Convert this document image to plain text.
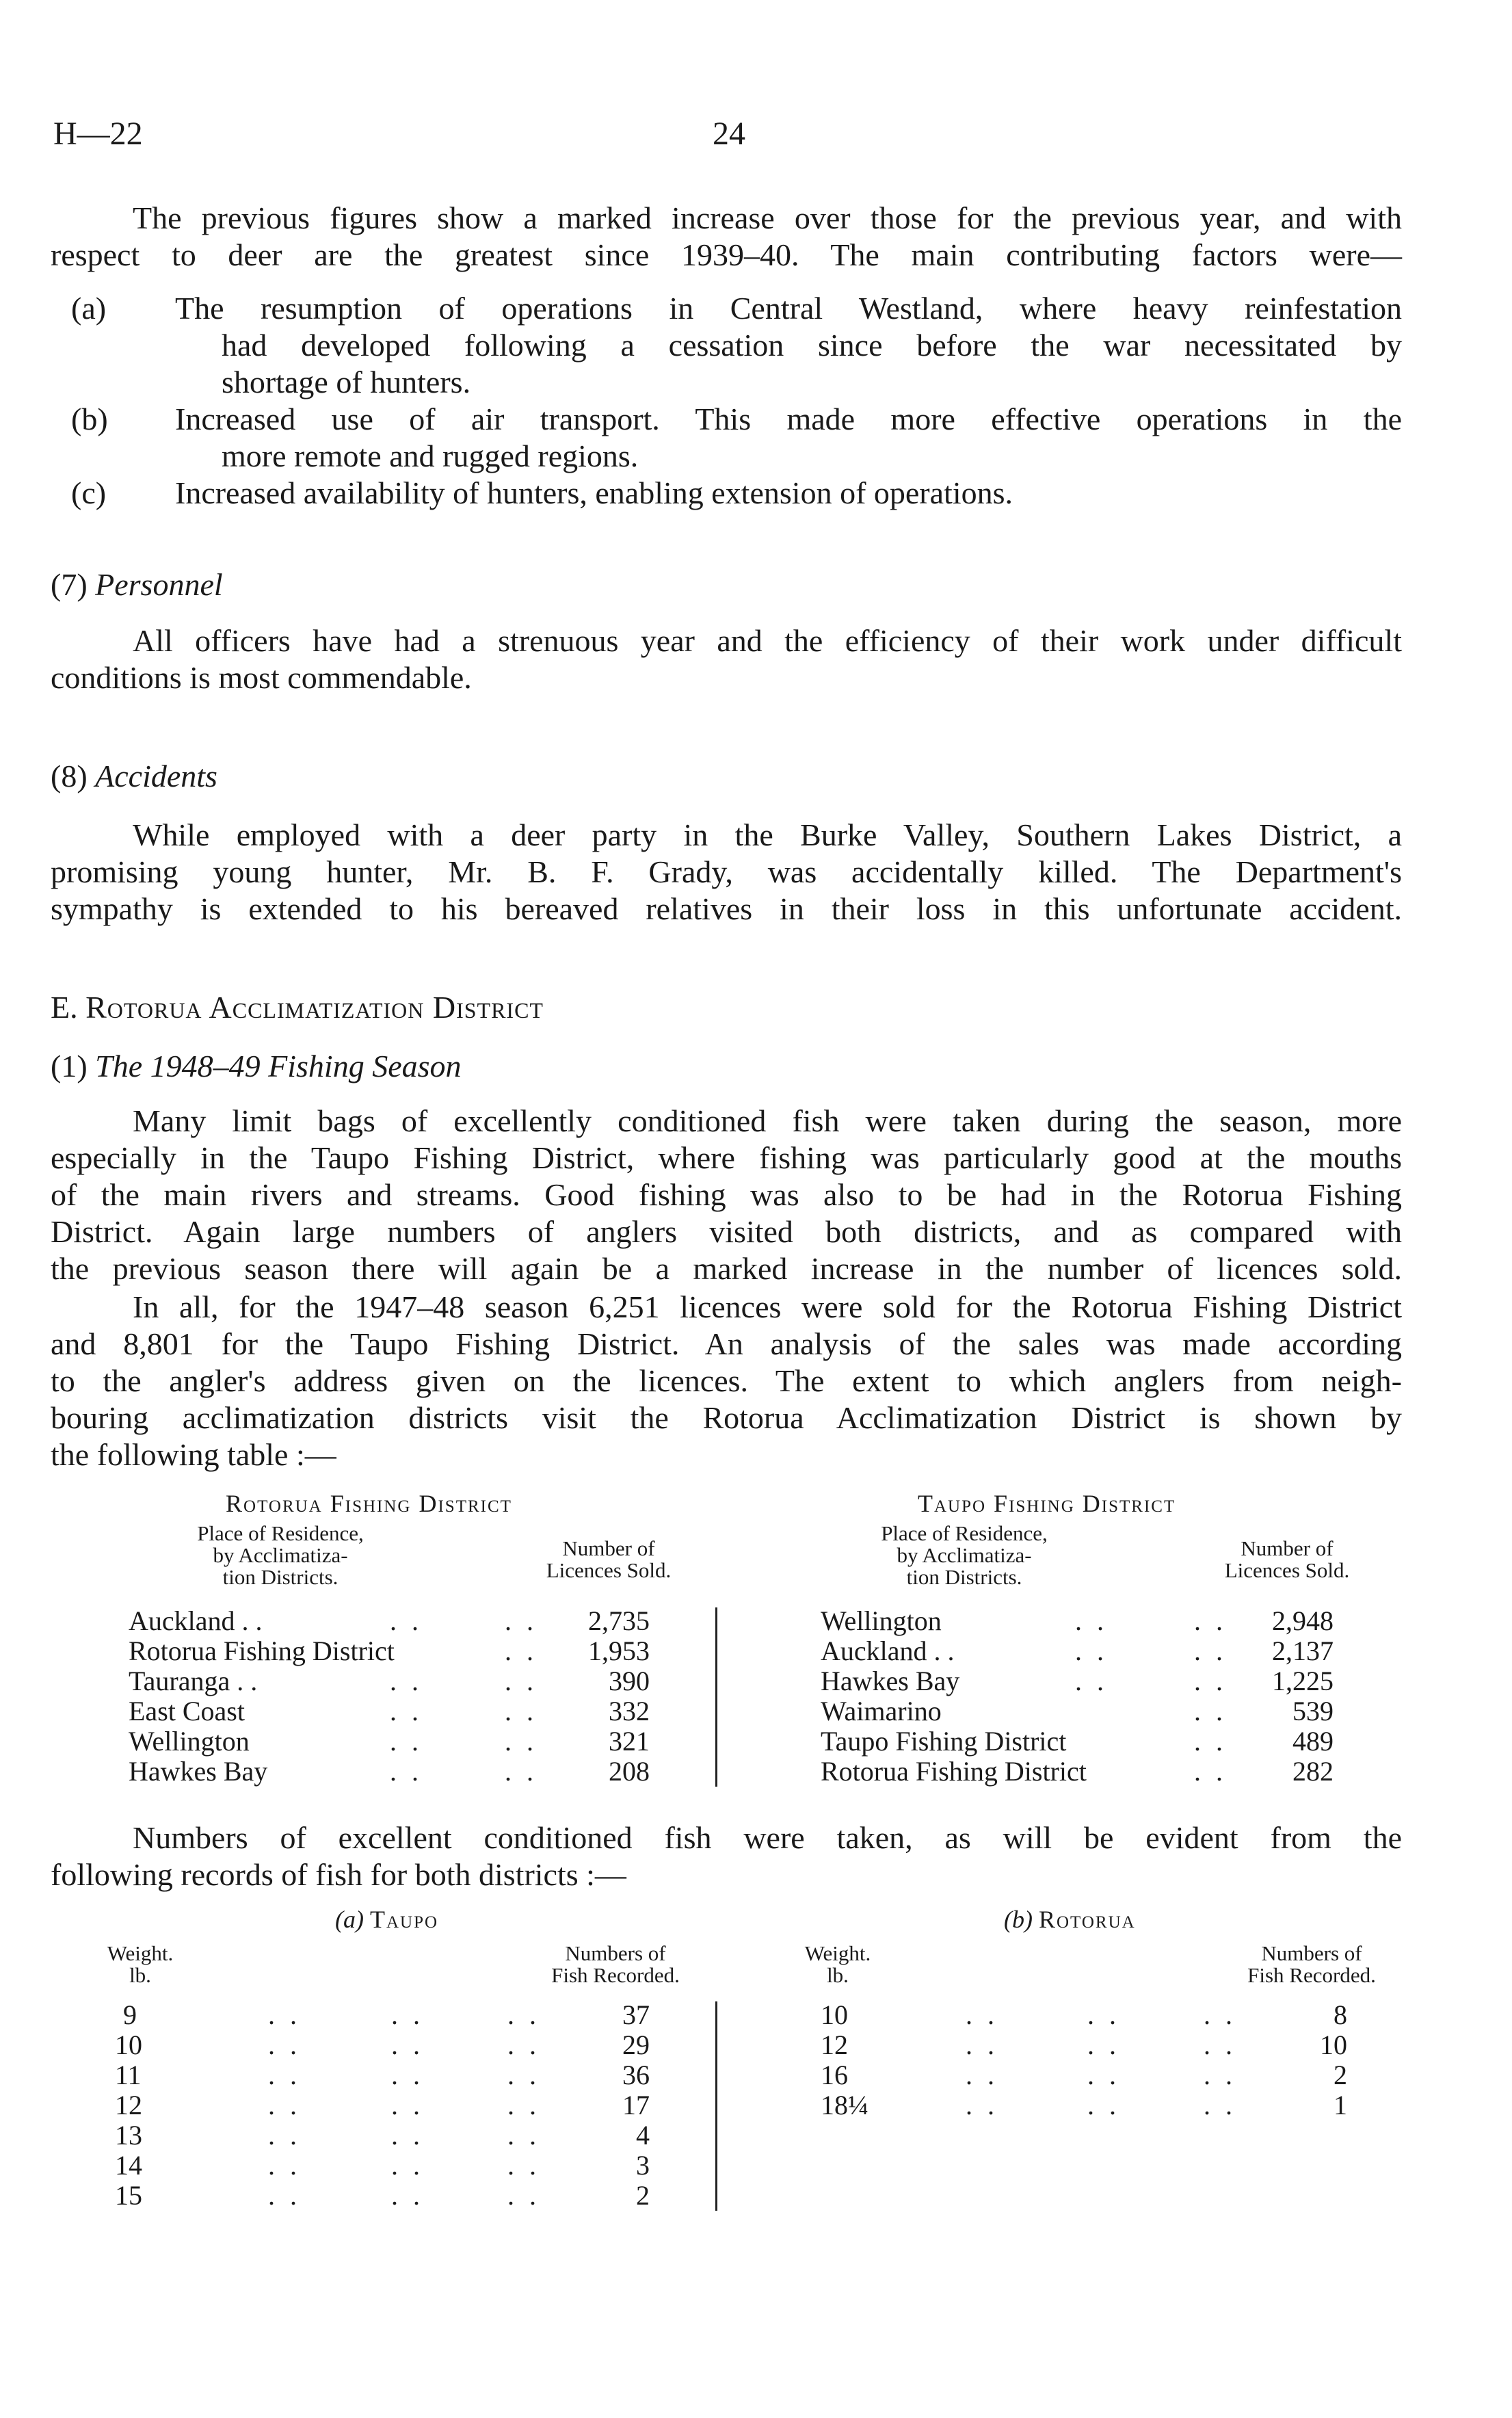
H—22	24
The previous figures show a marked increase over those for the previous year, and with
respect to deer are the greatest since 1939–40. The main contributing factors were—
(a) The resumption of operations in Central Westland, where heavy reinfestation
had developed following a cessation since before the war necessitated by
shortage of hunters.
(b) Increased use of air transport. This made more effective operations in the
more remote and rugged regions.
(c) Increased availability of hunters, enabling extension of operations.
(7) Personnel
All officers have had a strenuous year and the efficiency of their work under difficult
conditions is most commendable.
(8) Accidents
While employed with a deer party in the Burke Valley, Southern Lakes District, a
promising young hunter, Mr. B. F. Grady, was accidentally killed. The Department's
sympathy is extended to his bereaved relatives in their loss in this unfortunate accident.
E. Rotorua Acclimatization District
(1) The 1948–49 Fishing Season
Many limit bags of excellently conditioned fish were taken during the season, more
especially in the Taupo Fishing District, where fishing was particularly good at the mouths
of the main rivers and streams. Good fishing was also to be had in the Rotorua Fishing
District. Again large numbers of anglers visited both districts, and as compared with
the previous season there will again be a marked increase in the number of licences sold.
In all, for the 1947–48 season 6,251 licences were sold for the Rotorua Fishing District
and 8,801 for the Taupo Fishing District. An analysis of the sales was made according
to the angler's address given on the licences. The extent to which anglers from neigh-
bouring acclimatization districts visit the Rotorua Acclimatization District is shown by
the following table :—
Rotorua Fishing District	Taupo Fishing District
Place of Residence,
by Acclimatiza-
tion Districts.
Number of
Licences Sold.
Place of Residence,
by Acclimatiza-
tion Districts.
Number of
Licences Sold.
Auckland . .	. .	. .	2,735
Rotorua Fishing District	. .	1,953
Tauranga . .	. .	. .	390
East Coast	. .	. .	332
Wellington	. .	. .	321
Hawkes Bay	. .	. .	208
Wellington	. .	. .	2,948
Auckland . .	. .	. .	2,137
Hawkes Bay	. .	. .	1,225
Waimarino	. .	539
Taupo Fishing District	. .	489
Rotorua Fishing District	. .	282
Numbers of excellent conditioned fish were taken, as will be evident from the
following records of fish for both districts :—
(a) Taupo	(b) Rotorua
Weight.
lb.
Numbers of
Fish Recorded.
Weight.
lb.
Numbers of
Fish Recorded.
9	. .	. .	. .	37
10	. .	. .	. .	29
11	. .	. .	. .	36
12	. .	. .	. .	17
13	. .	. .	. .	4
14	. .	. .	. .	3
15	. .	. .	. .	2
10	. .	. .	. .	8
12	. .	. .	. .	10
16	. .	. .	. .	2
18¼	. .	. .	. .	1
